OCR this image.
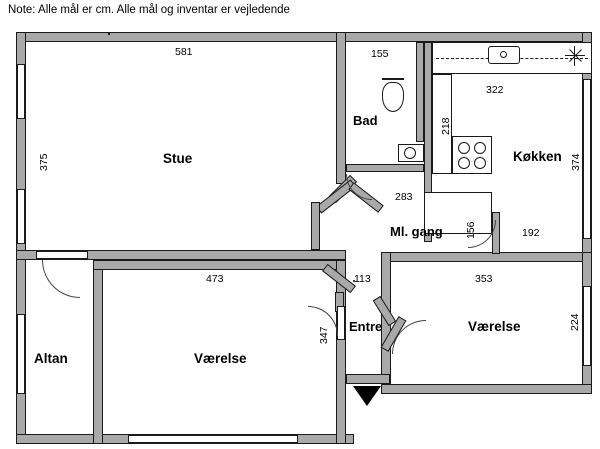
Note: Alle mål er cm. Alle mål og inventar er vejledende
Stue
Bad
Køkken
Ml. gang
Entre
Altan	Værelse
Værelse
581
375
155
218
322
374
283
156	192
473
347
113	353
224
